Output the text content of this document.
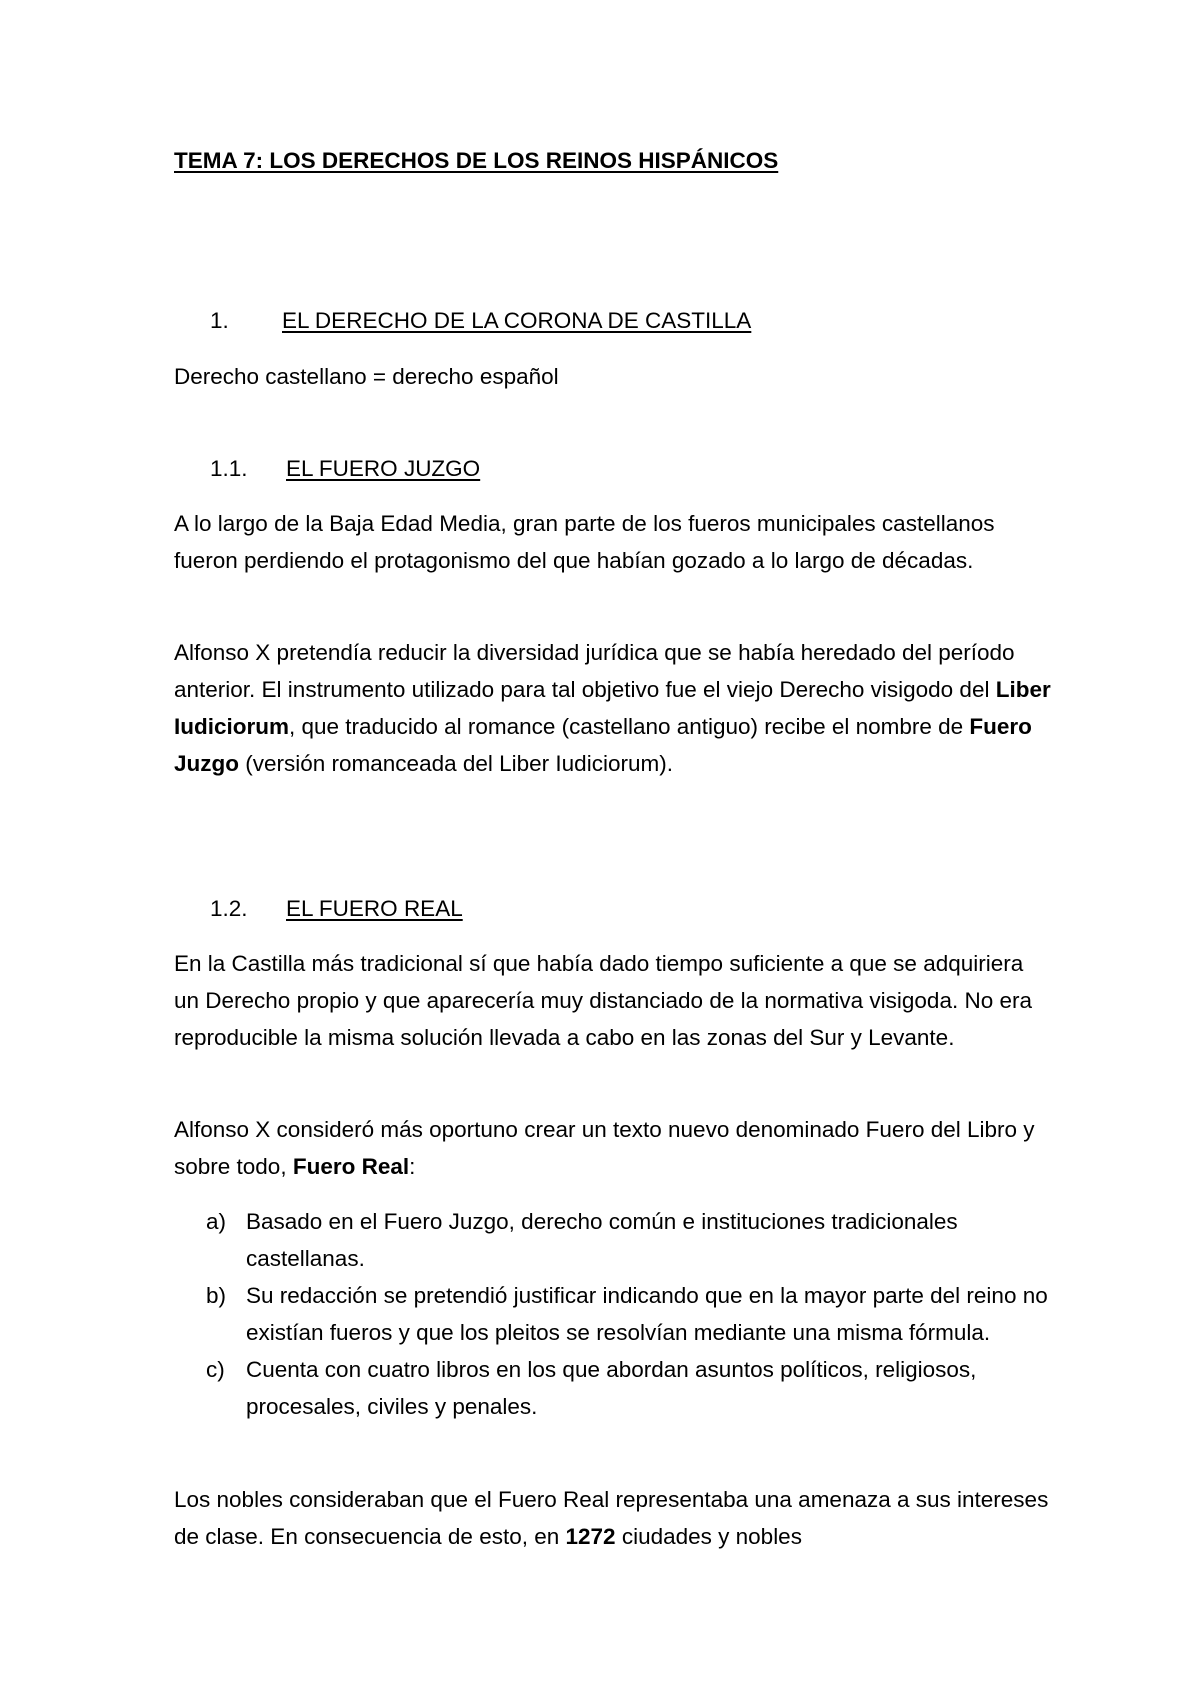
TEMA 7: LOS DERECHOS DE LOS REINOS HISPÁNICOS
1. EL DERECHO DE LA CORONA DE CASTILLA

Derecho castellano = derecho español

1.1. EL FUERO JUZGO

A lo largo de la Baja Edad Media, gran parte de los fueros municipales castellanos fueron perdiendo el protagonismo del que habían gozado a lo largo de décadas.

Alfonso X pretendía reducir la diversidad jurídica que se había heredado del período anterior. El instrumento utilizado para tal objetivo fue el viejo Derecho visigodo del Liber Iudiciorum, que traducido al romance (castellano antiguo) recibe el nombre de Fuero Juzgo (versión romanceada del Liber Iudiciorum).

1.2. EL FUERO REAL

En la Castilla más tradicional sí que había dado tiempo suficiente a que se adquiriera un Derecho propio y que aparecería muy distanciado de la normativa visigoda. No era reproducible la misma solución llevada a cabo en las zonas del Sur y Levante.

Alfonso X consideró más oportuno crear un texto nuevo denominado Fuero del Libro y sobre todo, Fuero Real:

a) Basado en el Fuero Juzgo, derecho común e instituciones tradicionales castellanas.
b) Su redacción se pretendió justificar indicando que en la mayor parte del reino no existían fueros y que los pleitos se resolvían mediante una misma fórmula.
c) Cuenta con cuatro libros en los que abordan asuntos políticos, religiosos, procesales, civiles y penales.

Los nobles consideraban que el Fuero Real representaba una amenaza a sus intereses de clase. En consecuencia de esto, en 1272 ciudades y nobles
